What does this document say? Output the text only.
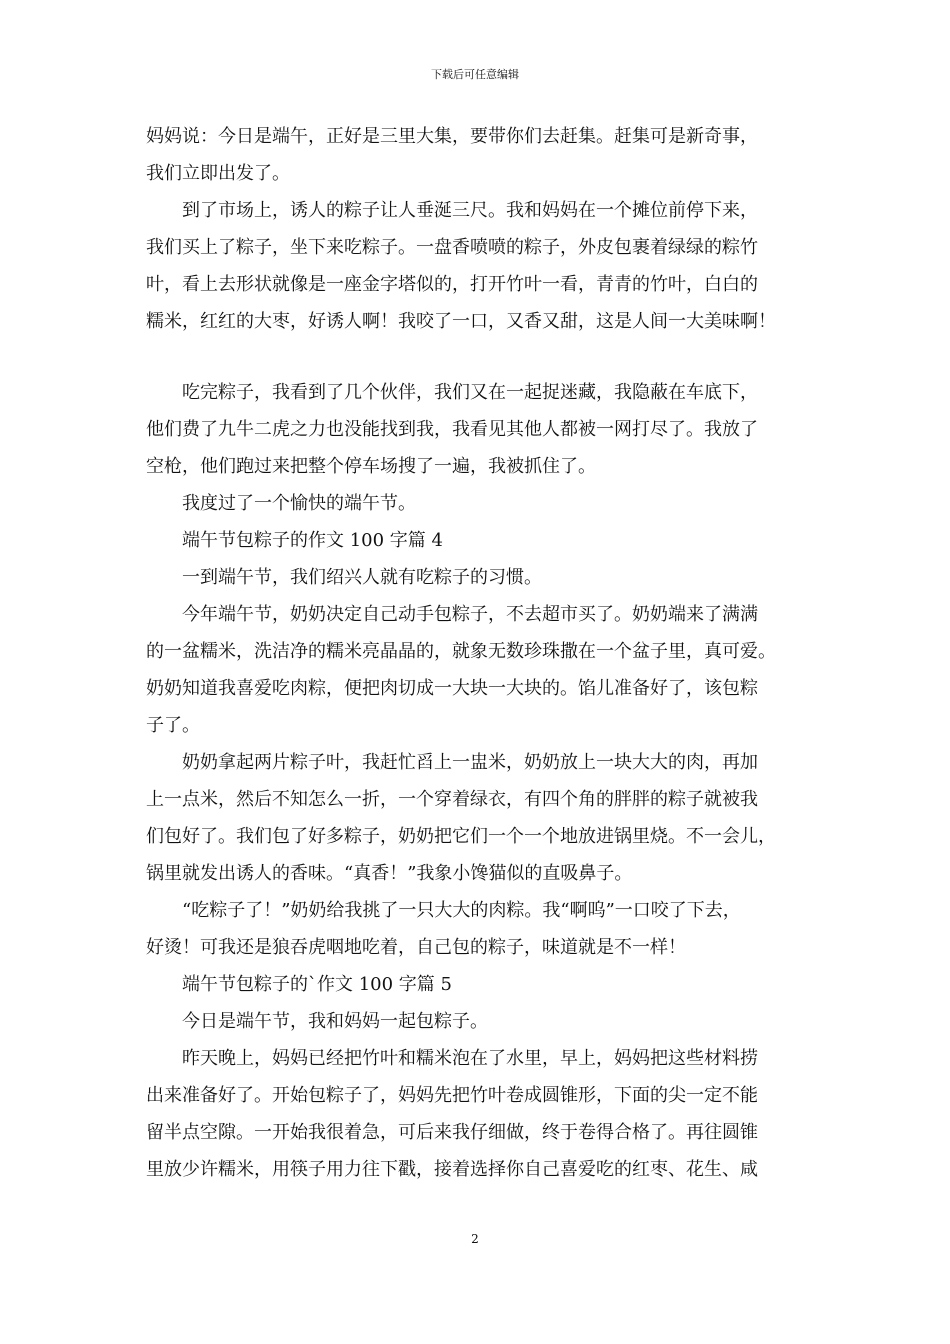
下载后可任意编辑
妈妈说：今日是端午，正好是三里大集，要带你们去赶集。赶集可是新奇事，
我们立即出发了。
到了市场上，诱人的粽子让人垂涎三尺。我和妈妈在一个摊位前停下来，
我们买上了粽子，坐下来吃粽子。一盘香喷喷的粽子，外皮包裹着绿绿的粽竹
叶，看上去形状就像是一座金字塔似的，打开竹叶一看，青青的竹叶，白白的
糯米，红红的大枣，好诱人啊！我咬了一口，又香又甜，这是人间一大美味啊！
吃完粽子，我看到了几个伙伴，我们又在一起捉迷藏，我隐蔽在车底下，
他们费了九牛二虎之力也没能找到我，我看见其他人都被一网打尽了。我放了
空枪，他们跑过来把整个停车场搜了一遍，我被抓住了。
我度过了一个愉快的端午节。
端午节包粽子的作文 100 字篇 4
一到端午节，我们绍兴人就有吃粽子的习惯。
今年端午节，奶奶决定自己动手包粽子，不去超市买了。奶奶端来了满满
的一盆糯米，洗洁净的糯米亮晶晶的，就象无数珍珠撒在一个盆子里，真可爱。
奶奶知道我喜爱吃肉粽，便把肉切成一大块一大块的。馅儿准备好了，该包粽
子了。
奶奶拿起两片粽子叶，我赶忙舀上一盅米，奶奶放上一块大大的肉，再加
上一点米，然后不知怎么一折，一个穿着绿衣，有四个角的胖胖的粽子就被我
们包好了。我们包了好多粽子，奶奶把它们一个一个地放进锅里烧。不一会儿，
锅里就发出诱人的香味。“真香！”我象小馋猫似的直吸鼻子。
“吃粽子了！”奶奶给我挑了一只大大的肉粽。我“啊呜”一口咬了下去，
好烫！可我还是狼吞虎咽地吃着，自己包的粽子，味道就是不一样！
端午节包粽子的`作文 100 字篇 5
今日是端午节，我和妈妈一起包粽子。
昨天晚上，妈妈已经把竹叶和糯米泡在了水里，早上，妈妈把这些材料捞
出来准备好了。开始包粽子了，妈妈先把竹叶卷成圆锥形，下面的尖一定不能
留半点空隙。一开始我很着急，可后来我仔细做，终于卷得合格了。再往圆锥
里放少许糯米，用筷子用力往下戳，接着选择你自己喜爱吃的红枣、花生、咸
2
